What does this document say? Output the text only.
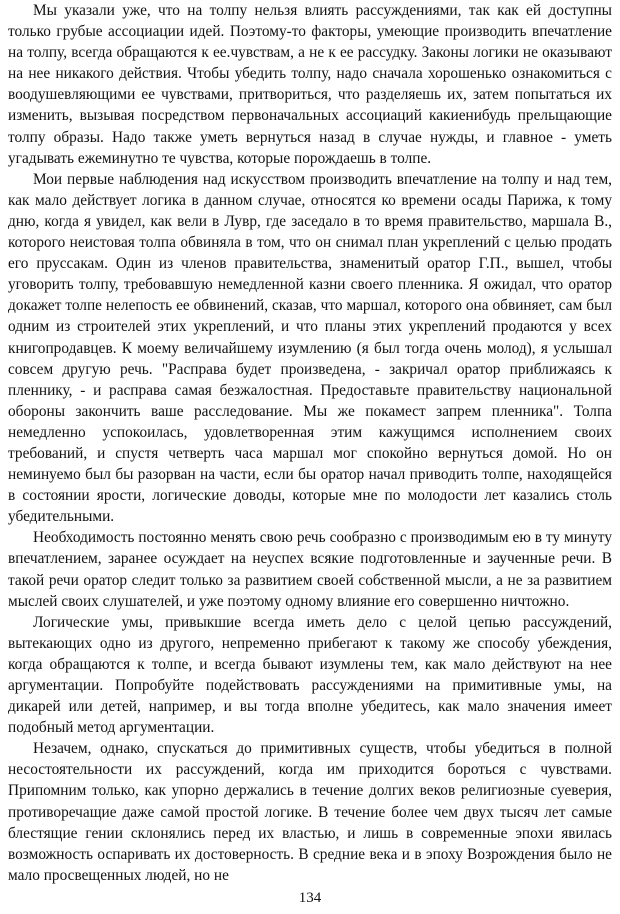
Мы указали уже, что на толпу нельзя влиять рассуждениями, так как ей доступны только грубые ассоциации идей. Поэтому-то факторы, умеющие производить впечатление на толпу, всегда обращаются к ее.чувствам, а не к ее рассудку. Законы логики не оказывают на нее никакого действия. Чтобы убедить толпу, надо сначала хорошенько ознакомиться с воодушевляющими ее чувствами, притвориться, что разделяешь их, затем попытаться их изменить, вызывая посредством первоначальных ассоциаций какиенибудь прельщающие толпу образы. Надо также уметь вернуться назад в случае нужды, и главное - уметь угадывать ежеминутно те чувства, которые порождаешь в толпе.

Мои первые наблюдения над искусством производить впечатление на толпу и над тем, как мало действует логика в данном случае, относятся ко времени осады Парижа, к тому дню, когда я увидел, как вели в Лувр, где заседало в то время правительство, маршала В., которого неистовая толпа обвиняла в том, что он снимал план укреплений с целью продать его пруссакам. Один из членов правительства, знаменитый оратор Г.П., вышел, чтобы уговорить толпу, требовавшую немедленной казни своего пленника. Я ожидал, что оратор докажет толпе нелепость ее обвинений, сказав, что маршал, которого она обвиняет, сам был одним из строителей этих укреплений, и что планы этих укреплений продаются у всех книгопродавцев. К моему величайшему изумлению (я был тогда очень молод), я услышал совсем другую речь. "Расправа будет произведена, - закричал оратор приближаясь к пленнику, - и расправа самая безжалостная. Предоставьте правительству национальной обороны закончить ваше расследование. Мы же покамест запрем пленника". Толпа немедленно успокоилась, удовлетворенная этим кажущимся исполнением своих требований, и спустя четверть часа маршал мог спокойно вернуться домой. Но он неминуемо был бы разорван на части, если бы оратор начал приводить толпе, находящейся в состоянии ярости, логические доводы, которые мне по молодости лет казались столь убедительными.

Необходимость постоянно менять свою речь сообразно с производимым ею в ту минуту впечатлением, заранее осуждает на неуспех всякие подготовленные и заученные речи. В такой речи оратор следит только за развитием своей собственной мысли, а не за развитием мыслей своих слушателей, и уже поэтому одному влияние его совершенно ничтожно.

Логические умы, привыкшие всегда иметь дело с целой цепью рассуждений, вытекающих одно из другого, непременно прибегают к такому же способу убеждения, когда обращаются к толпе, и всегда бывают изумлены тем, как мало действуют на нее аргументации. Попробуйте подействовать рассуждениями на примитивные умы, на дикарей или детей, например, и вы тогда вполне убедитесь, как мало значения имеет подобный метод аргументации.

Незачем, однако, спускаться до примитивных существ, чтобы убедиться в полной несостоятельности их рассуждений, когда им приходится бороться с чувствами. Припомним только, как упорно держались в течение долгих веков религиозные суеверия, противоречащие даже самой простой логике. В течение более чем двух тысяч лет самые блестящие гении склонялись перед их властью, и лишь в современные эпохи явилась возможность оспаривать их достоверность. В средние века и в эпоху Возрождения было не мало просвещенных людей, но не

134
